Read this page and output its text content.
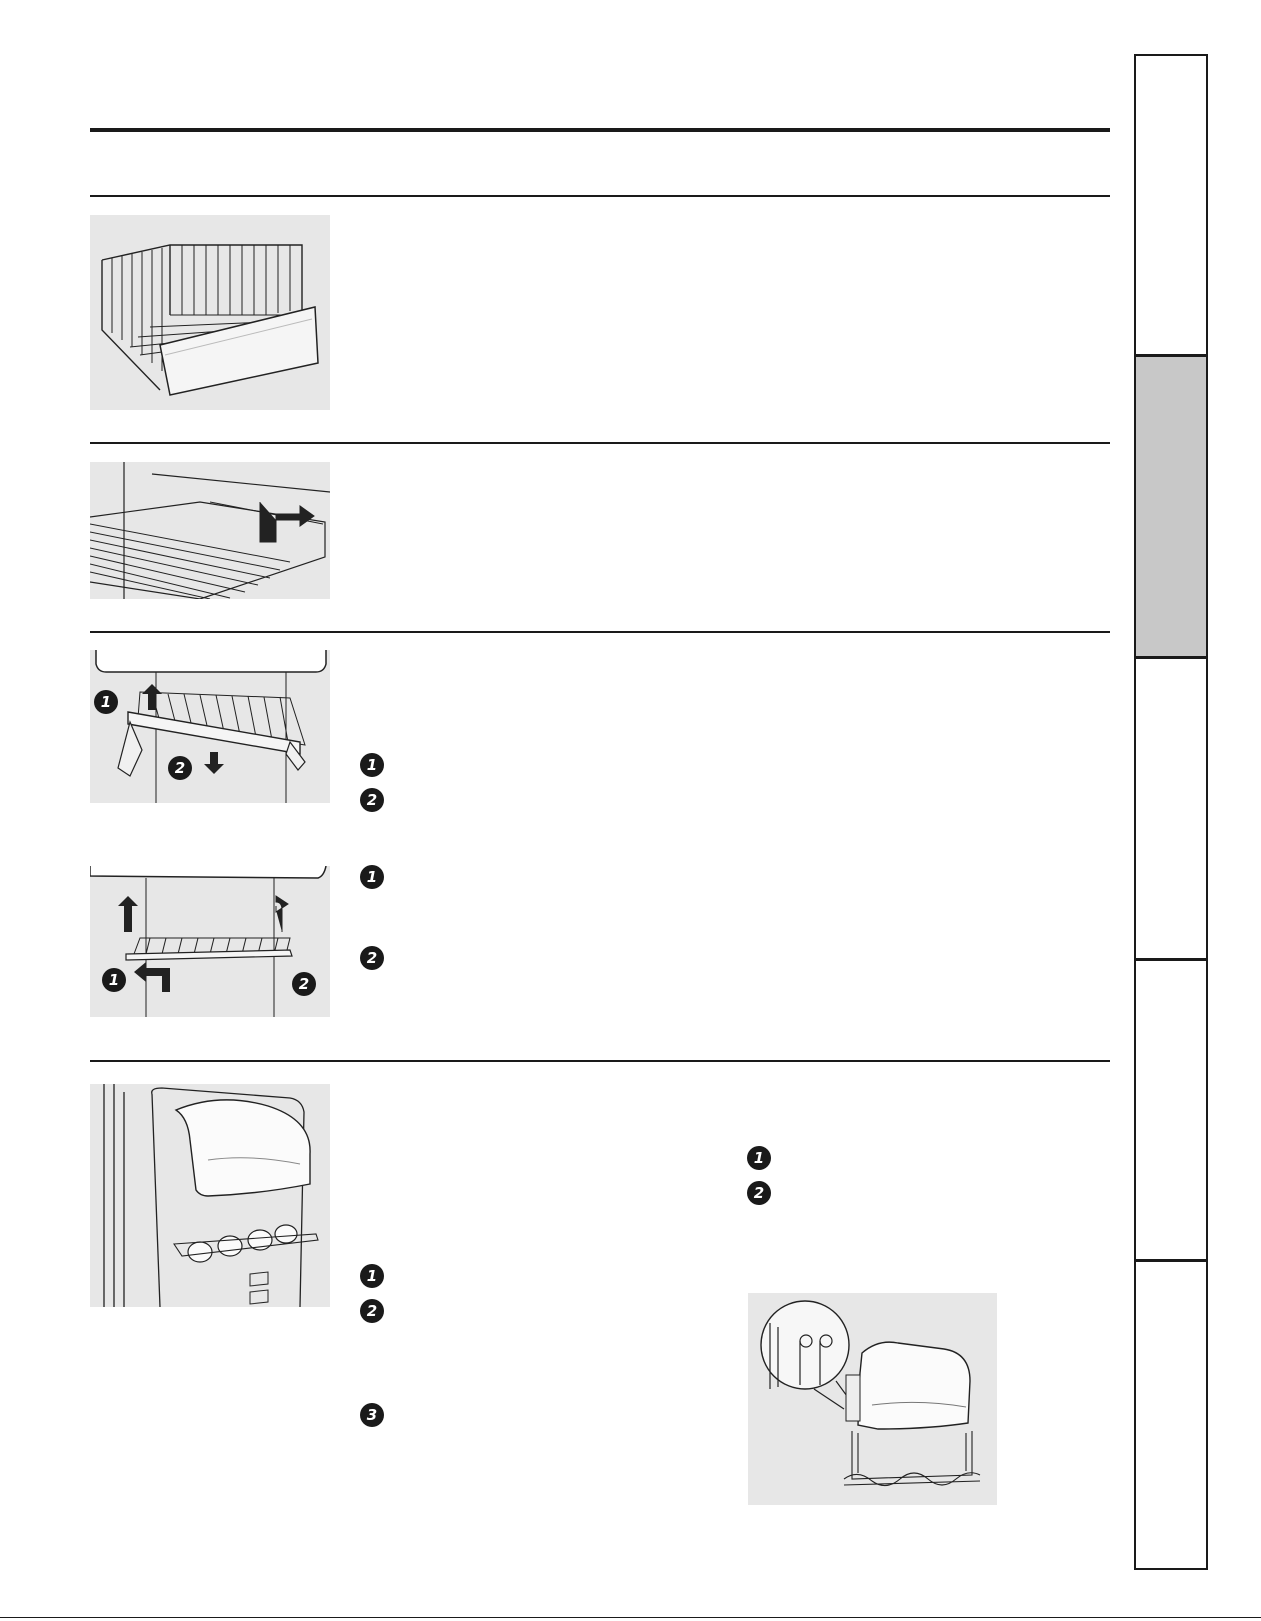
1
2
1	2
1
2
1
2
1
2
1
2
3
